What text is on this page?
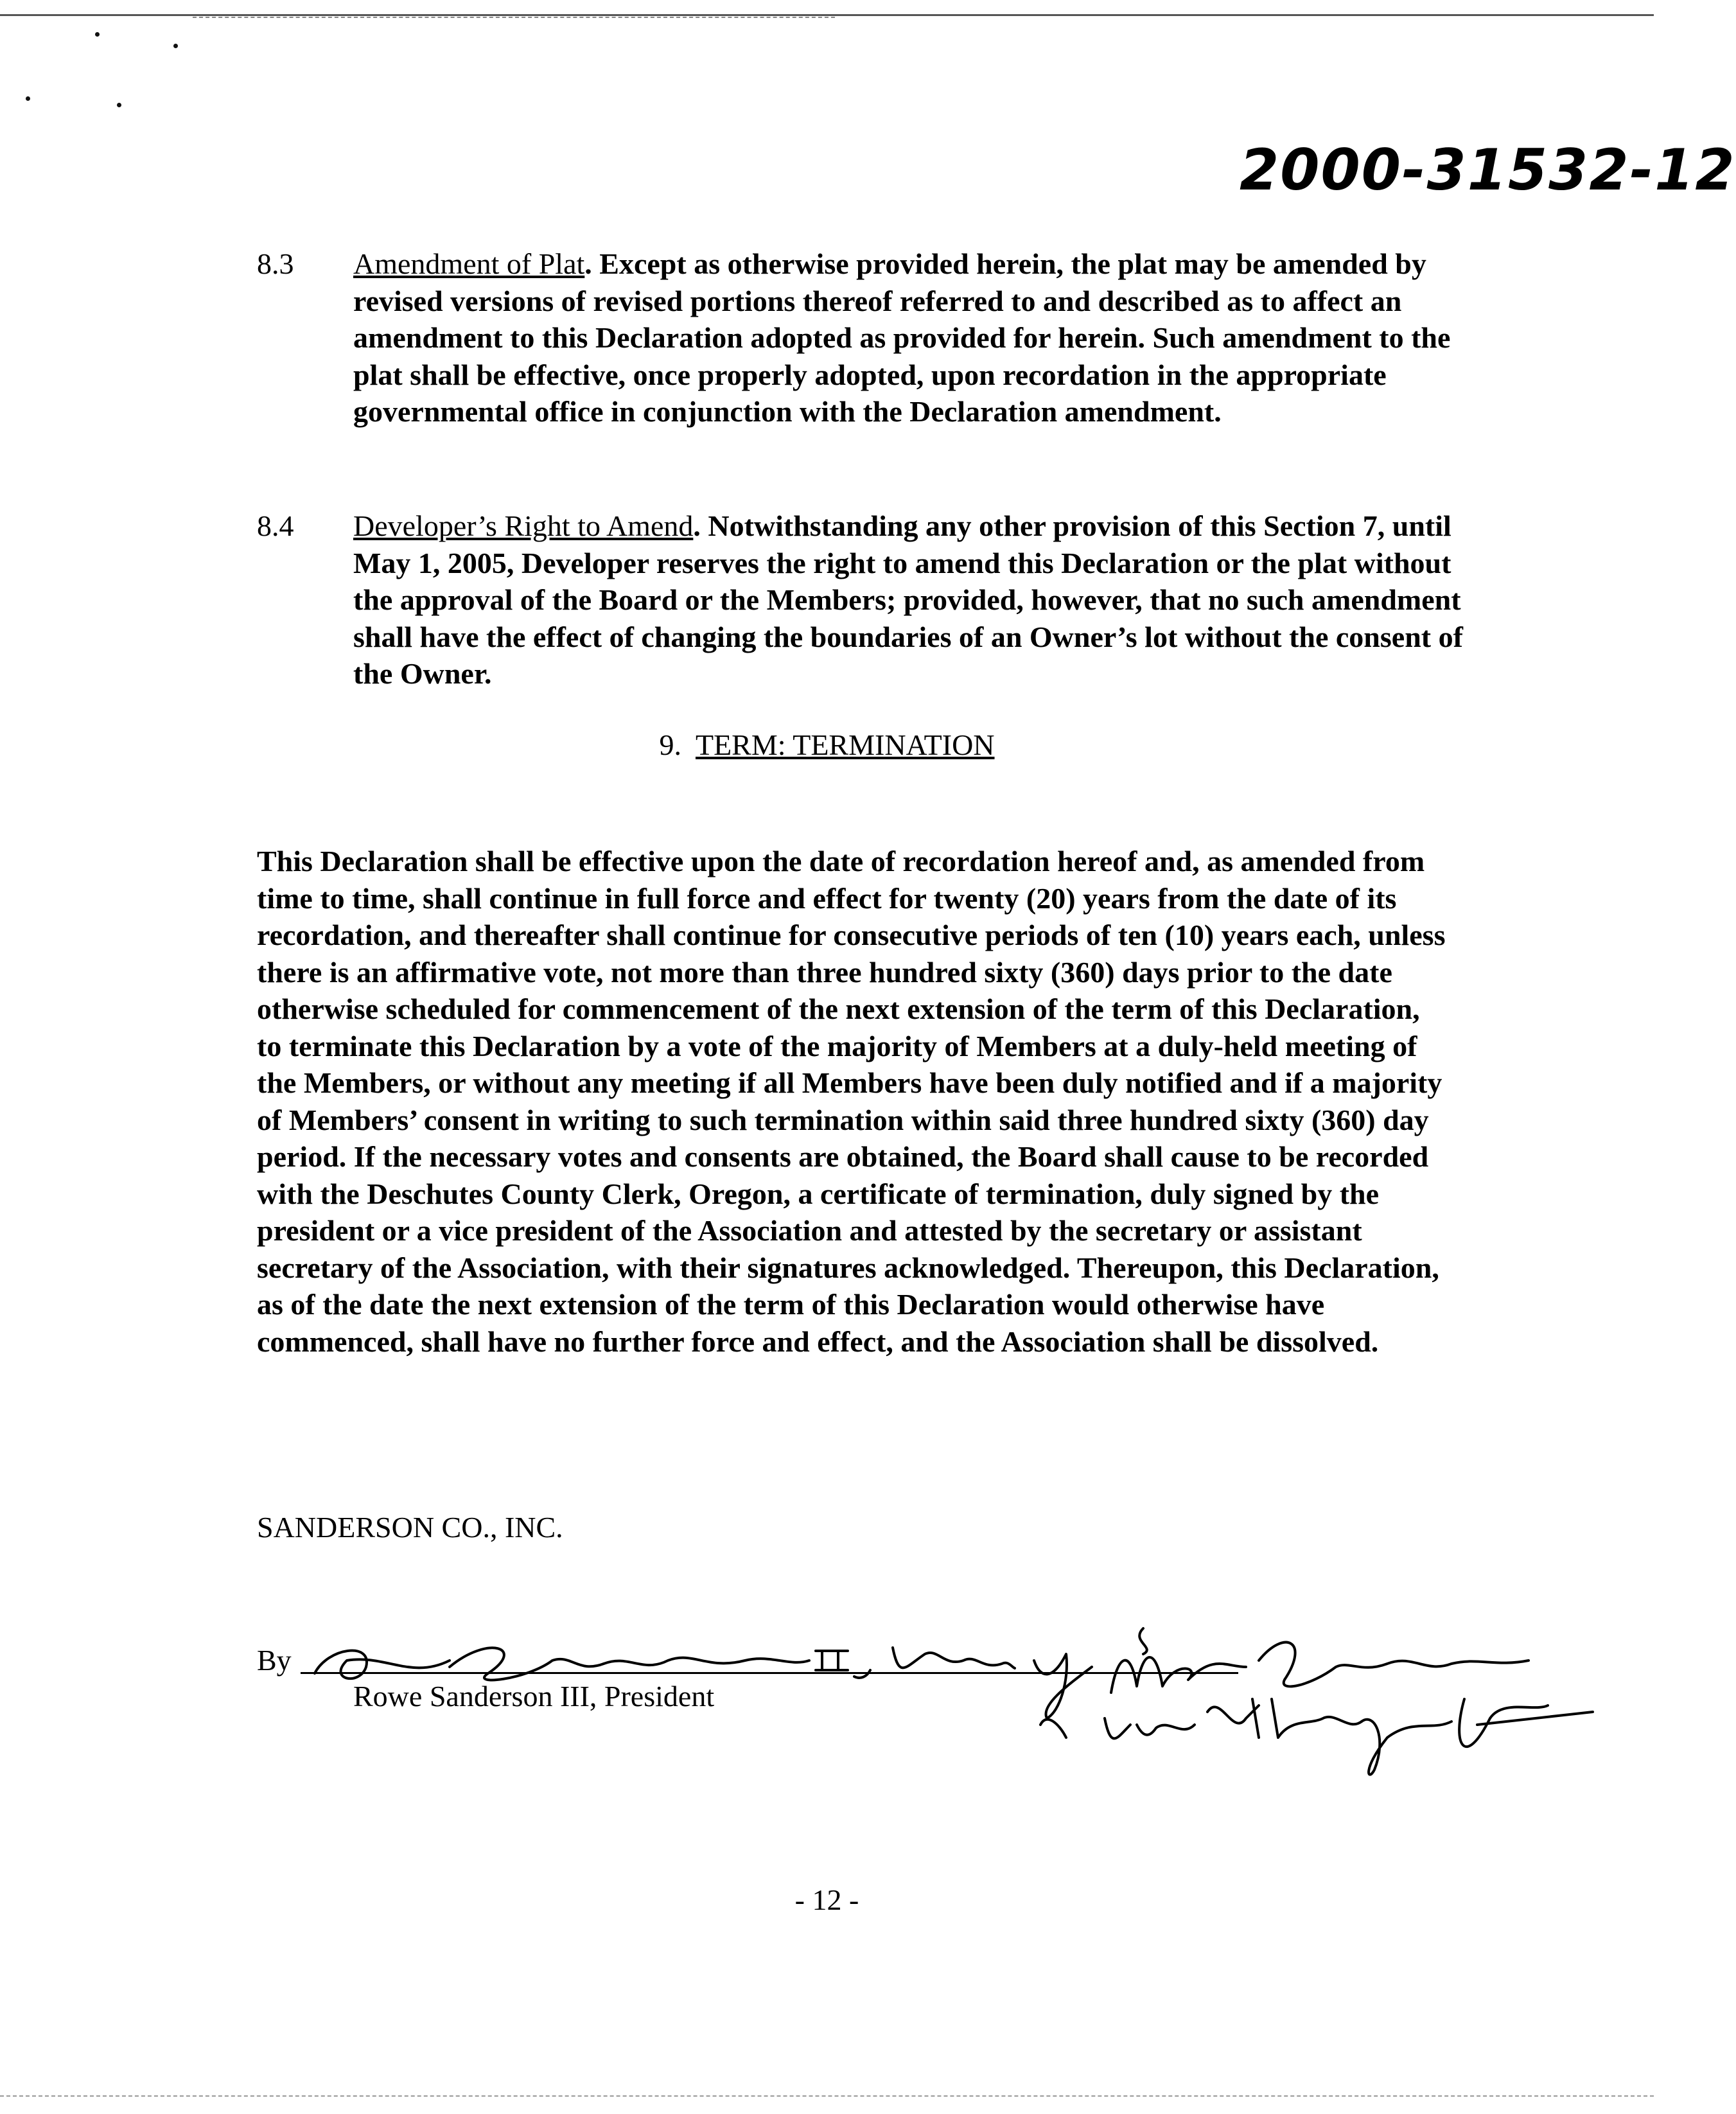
2000-31532-12
8.3	Amendment of Plat. Except as otherwise provided herein, the plat may be amended by revised versions of revised portions thereof referred to and described as to affect an amendment to this Declaration adopted as provided for herein. Such amendment to the plat shall be effective, once properly adopted, upon recordation in the appropriate governmental office in conjunction with the Declaration amendment.
8.4	Developer’s Right to Amend. Notwithstanding any other provision of this Section 7, until May 1, 2005, Developer reserves the right to amend this Declaration or the plat without the approval of the Board or the Members; provided, however, that no such amendment shall have the effect of changing the boundaries of an Owner’s lot without the consent of the Owner.
9. TERM: TERMINATION
This Declaration shall be effective upon the date of recordation hereof and, as amended from time to time, shall continue in full force and effect for twenty (20) years from the date of its recordation, and thereafter shall continue for consecutive periods of ten (10) years each, unless there is an affirmative vote, not more than three hundred sixty (360) days prior to the date otherwise scheduled for commencement of the next extension of the term of this Declaration, to terminate this Declaration by a vote of the majority of Members at a duly-held meeting of the Members, or without any meeting if all Members have been duly notified and if a majority of Members’ consent in writing to such termination within said three hundred sixty (360) day period. If the necessary votes and consents are obtained, the Board shall cause to be recorded with the Deschutes County Clerk, Oregon, a certificate of termination, duly signed by the president or a vice president of the Association and attested by the secretary or assistant secretary of the Association, with their signatures acknowledged. Thereupon, this Declaration, as of the date the next extension of the term of this Declaration would otherwise have commenced, shall have no further force and effect, and the Association shall be dissolved.
SANDERSON CO., INC.
By
Rowe Sanderson III, President
- 12 -
